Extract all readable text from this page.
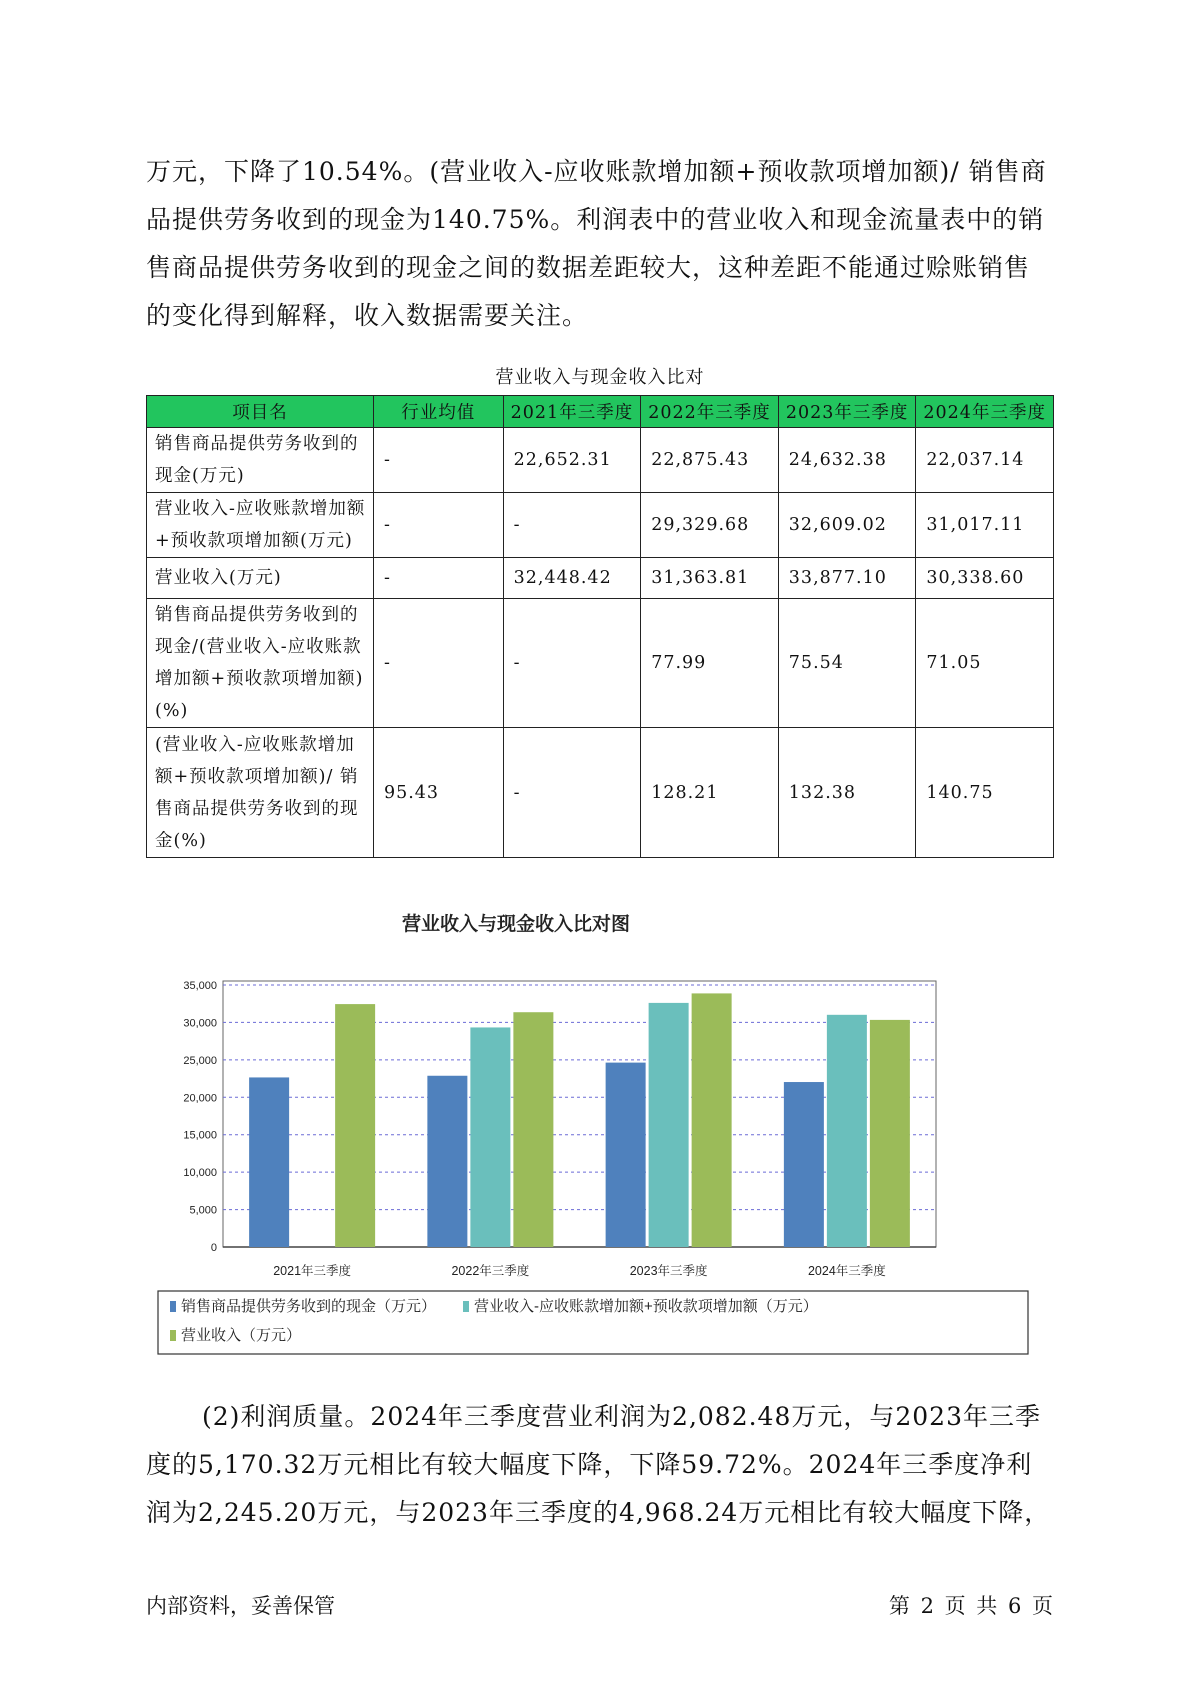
万元，下降了10.54%。(营业收入-应收账款增加额+预收款项增加额)/ 销售商品提供劳务收到的现金为140.75%。利润表中的营业收入和现金流量表中的销售商品提供劳务收到的现金之间的数据差距较大，这种差距不能通过赊账销售的变化得到解释，收入数据需要关注。

营业收入与现金收入比对
项目名	行业均值	2021年三季度	2022年三季度	2023年三季度	2024年三季度
销售商品提供劳务收到的现金(万元)	-	22,652.31	22,875.43	24,632.38	22,037.14
营业收入-应收账款增加额+预收款项增加额(万元)	-	-	29,329.68	32,609.02	31,017.11
营业收入(万元)	-	32,448.42	31,363.81	33,877.10	30,338.60
销售商品提供劳务收到的现金/(营业收入-应收账款增加额+预收款项增加额)(%)	-	-	77.99	75.54	71.05
(营业收入-应收账款增加额+预收款项增加额)/ 销售商品提供劳务收到的现金(%)	95.43	-	128.21	132.38	140.75
营业收入与现金收入比对图
0
5,000
10,000
15,000
20,000
25,000
30,000
35,000
2021年三季度	2022年三季度	2023年三季度	2024年三季度
销售商品提供劳务收到的现金（万元）	营业收入-应收账款增加额+预收款项增加额（万元）
营业收入（万元）

(2)利润质量。2024年三季度营业利润为2,082.48万元，与2023年三季度的5,170.32万元相比有较大幅度下降，下降59.72%。2024年三季度净利润为2,245.20万元，与2023年三季度的4,968.24万元相比有较大幅度下降，

内部资料，妥善保管	第 2 页 共 6 页
